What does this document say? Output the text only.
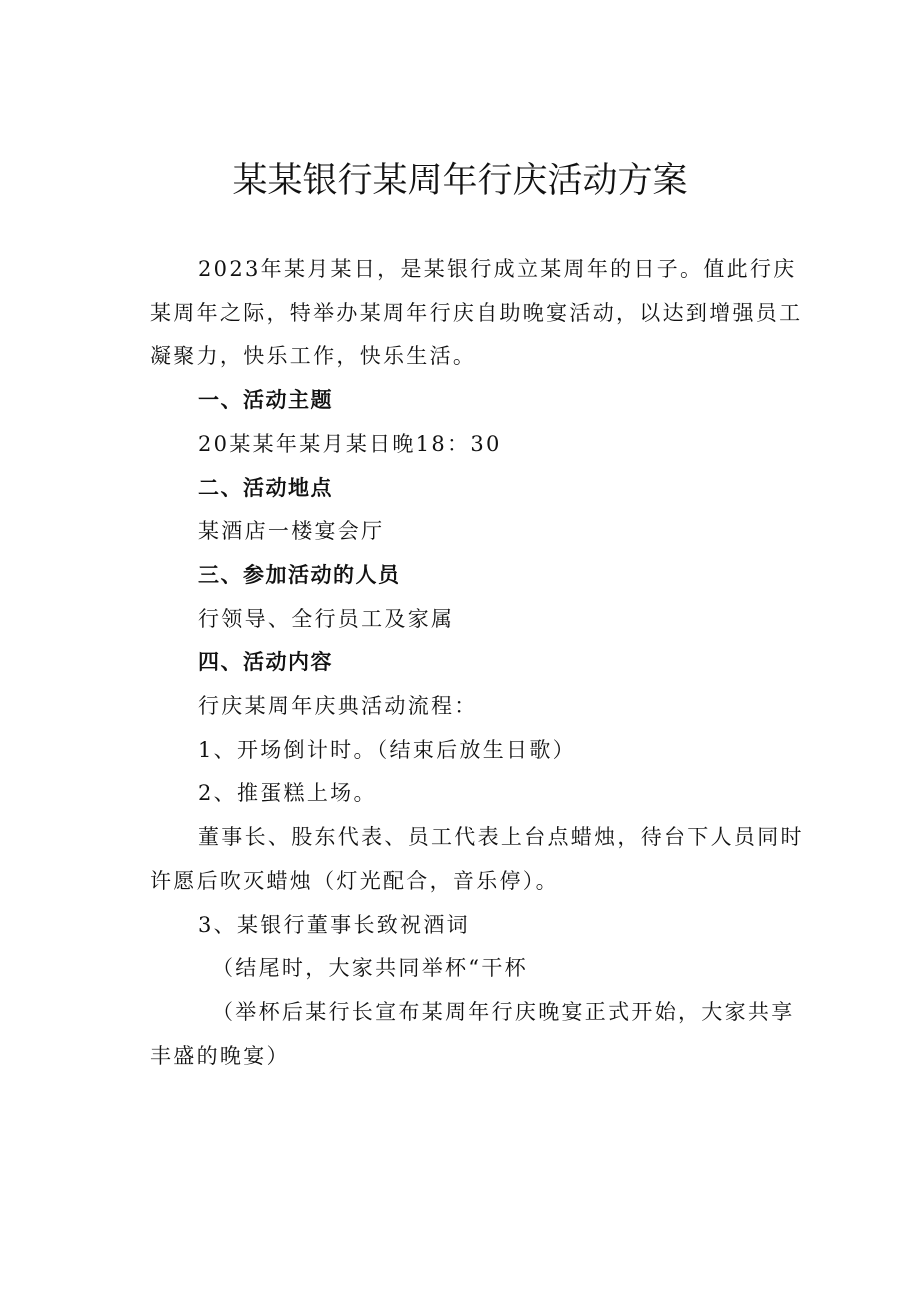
某某银行某周年行庆活动方案

2023年某月某日，是某银行成立某周年的日子。值此行庆某周年之际，特举办某周年行庆自助晚宴活动，以达到增强员工凝聚力，快乐工作，快乐生活。

一、活动主题

20某某年某月某日晚18：30

二、活动地点

某酒店一楼宴会厅

三、参加活动的人员

行领导、全行员工及家属

四、活动内容

行庆某周年庆典活动流程：

1、开场倒计时。（结束后放生日歌）

2、推蛋糕上场。

董事长、股东代表、员工代表上台点蜡烛，待台下人员同时许愿后吹灭蜡烛（灯光配合，音乐停）。

3、某银行董事长致祝酒词

（结尾时，大家共同举杯“干杯

（举杯后某行长宣布某周年行庆晚宴正式开始，大家共享丰盛的晚宴）
